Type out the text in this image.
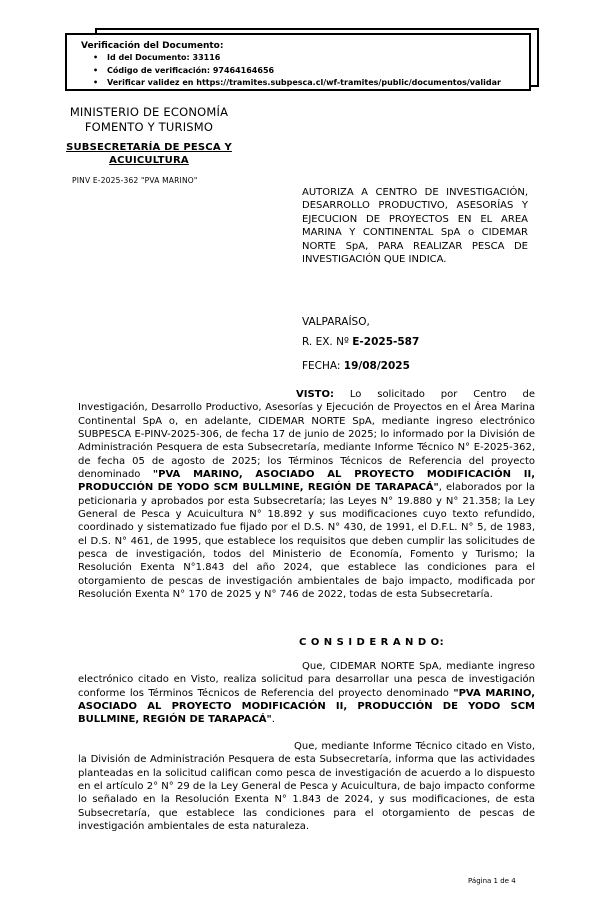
Verificación del Documento:
•	Id del Documento: 33116
•	Código de verificación: 97464164656
•	Verificar validez en https://tramites.subpesca.cl/wf-tramites/public/documentos/validar
MINISTERIO DE ECONOMÍA
FOMENTO Y TURISMO
SUBSECRETARÍA DE PESCA Y
ACUICULTURA
PINV E-2025-362 "PVA MARINO"
AUTORIZA A CENTRO DE INVESTIGACIÓN, DESARROLLO PRODUCTIVO, ASESORÍAS Y EJECUCION DE PROYECTOS EN EL AREA MARINA Y CONTINENTAL SpA o CIDEMAR NORTE SpA, PARA REALIZAR PESCA DE INVESTIGACIÓN QUE INDICA.
VALPARAÍSO,
R. EX. Nº E-2025-587
FECHA: 19/08/2025

VISTO: Lo solicitado por Centro de Investigación, Desarrollo Productivo, Asesorías y Ejecución de Proyectos en el Área Marina Continental SpA o, en adelante, CIDEMAR NORTE SpA, mediante ingreso electrónico SUBPESCA E-PINV-2025-306, de fecha 17 de junio de 2025; lo informado por la División de Administración Pesquera de esta Subsecretaría, mediante Informe Técnico N° E-2025-362, de fecha 05 de agosto de 2025; los Términos Técnicos de Referencia del proyecto denominado "PVA MARINO, ASOCIADO AL PROYECTO MODIFICACIÓN II, PRODUCCIÓN DE YODO SCM BULLMINE, REGIÓN DE TARAPACÁ", elaborados por la peticionaria y aprobados por esta Subsecretaría; las Leyes N° 19.880 y N° 21.358; la Ley General de Pesca y Acuicultura N° 18.892 y sus modificaciones cuyo texto refundido, coordinado y sistematizado fue fijado por el D.S. N° 430, de 1991, el D.F.L. N° 5, de 1983, el D.S. N° 461, de 1995, que establece los requisitos que deben cumplir las solicitudes de pesca de investigación, todos del Ministerio de Economía, Fomento y Turismo; la Resolución Exenta N°1.843 del año 2024, que establece las condiciones para el otorgamiento de pescas de investigación ambientales de bajo impacto, modificada por Resolución Exenta N° 170 de 2025 y N° 746 de 2022, todas de esta Subsecretaría.

C O N S I D E R A N D O:

Que, CIDEMAR NORTE SpA, mediante ingreso electrónico citado en Visto, realiza solicitud para desarrollar una pesca de investigación conforme los Términos Técnicos de Referencia del proyecto denominado "PVA MARINO, ASOCIADO AL PROYECTO MODIFICACIÓN II, PRODUCCIÓN DE YODO SCM BULLMINE, REGIÓN DE TARAPACÁ".

Que, mediante Informe Técnico citado en Visto, la División de Administración Pesquera de esta Subsecretaría, informa que las actividades planteadas en la solicitud califican como pesca de investigación de acuerdo a lo dispuesto en el artículo 2° N° 29 de la Ley General de Pesca y Acuicultura, de bajo impacto conforme lo señalado en la Resolución Exenta N° 1.843 de 2024, y sus modificaciones, de esta Subsecretaría, que establece las condiciones para el otorgamiento de pescas de investigación ambientales de esta naturaleza.

Página 1 de 4
